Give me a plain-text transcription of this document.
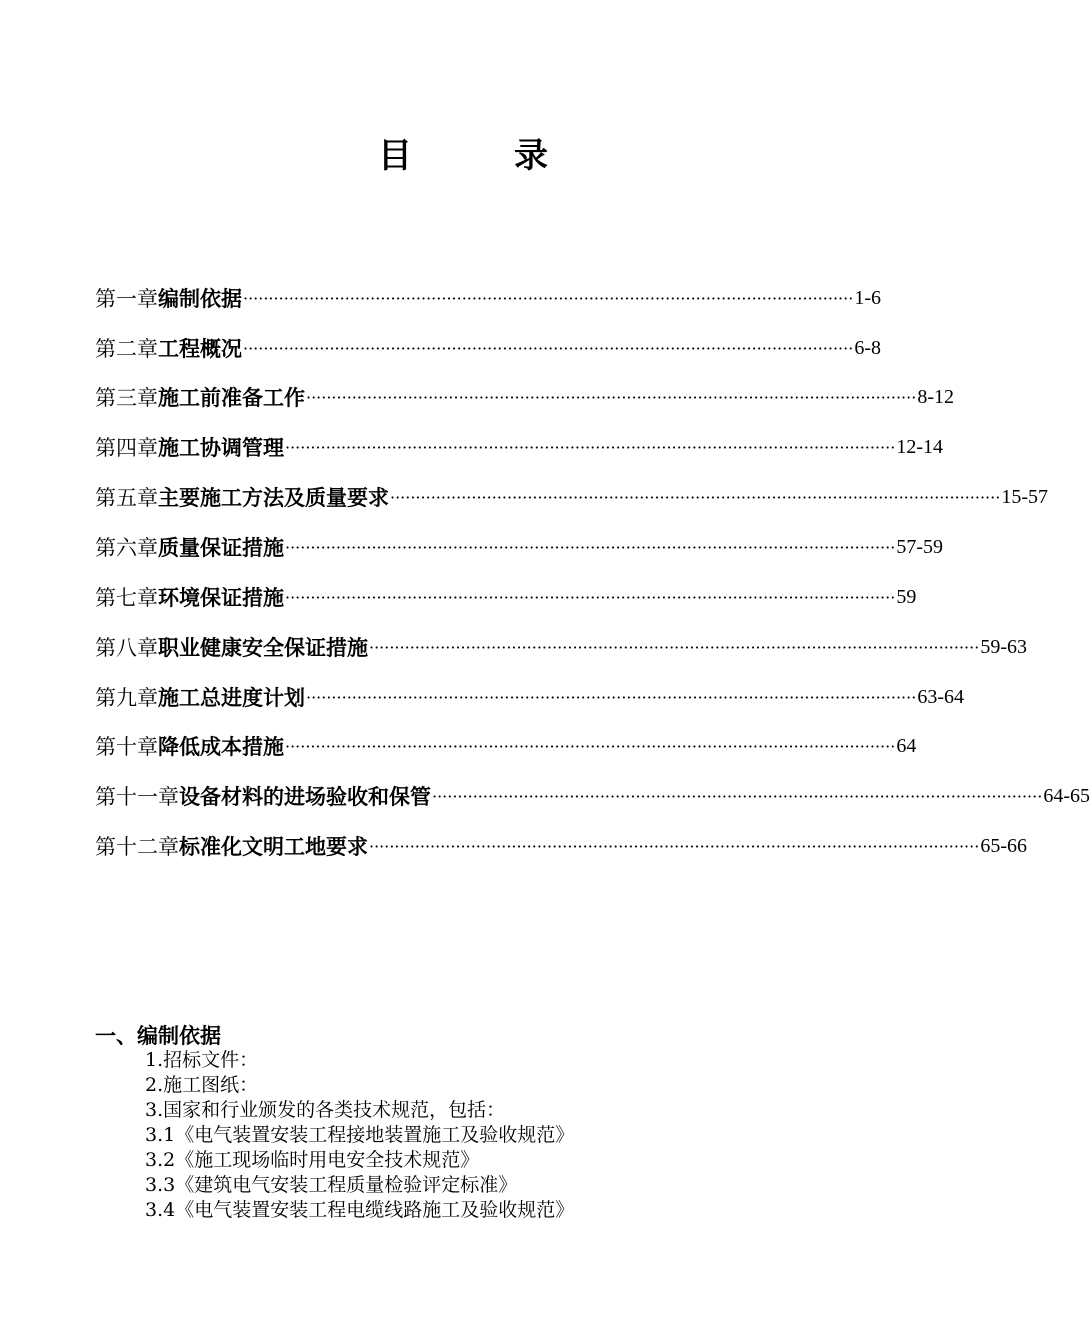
目　录
第一章 编制依据 ························································································································ 1-6
第二章 工程概况 ························································································································ 6-8
第三章 施工前准备工作 ························································································································ 8-12
第四章 施工协调管理 ························································································································ 12-14
第五章 主要施工方法及质量要求 ························································································································ 15-57
第六章 质量保证措施 ························································································································ 57-59
第七章 环境保证措施 ························································································································ 59
第八章 职业健康安全保证措施 ························································································································ 59-63
第九章 施工总进度计划 ························································································································ 63-64
第十章 降低成本措施 ························································································································ 64
第十一章 设备材料的进场验收和保管 ························································································································ 64-65
第十二章 标准化文明工地要求 ························································································································ 65-66
一、编制依据
1.招标文件：
2.施工图纸：
3.国家和行业颁发的各类技术规范，包括：
3.1《电气装置安装工程接地装置施工及验收规范》
3.2《施工现场临时用电安全技术规范》
3.3《建筑电气安装工程质量检验评定标准》
3.4《电气装置安装工程电缆线路施工及验收规范》
